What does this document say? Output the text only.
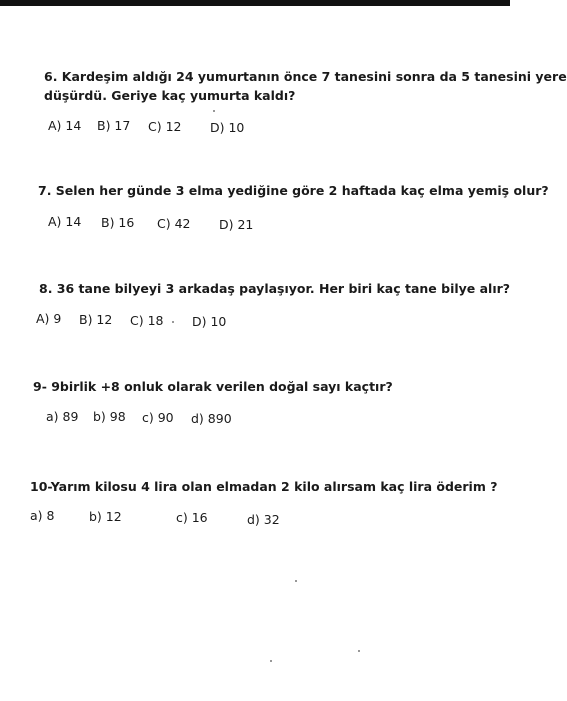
6. Kardeşim aldığı 24 yumurtanın önce 7 tanesini sonra da 5 tanesini yere
düşürdü. Geriye kaç yumurta kaldı?
A) 14 B) 17 C) 12 D) 10
7. Selen her günde 3 elma yediğine göre 2 haftada kaç elma yemiş olur?
A) 14 B) 16 C) 42 D) 21
8. 36 tane bilyeyi 3 arkadaş paylaşıyor. Her biri kaç tane bilye alır?
A) 9 B) 12 C) 18 D) 10
9- 9birlik +8 onluk olarak verilen doğal sayı kaçtır?
a) 89 b) 98 c) 90 d) 890
10-Yarım kilosu 4 lira olan elmadan 2 kilo alırsam kaç lira öderim ?
a) 8	b) 12	c) 16	d) 32
